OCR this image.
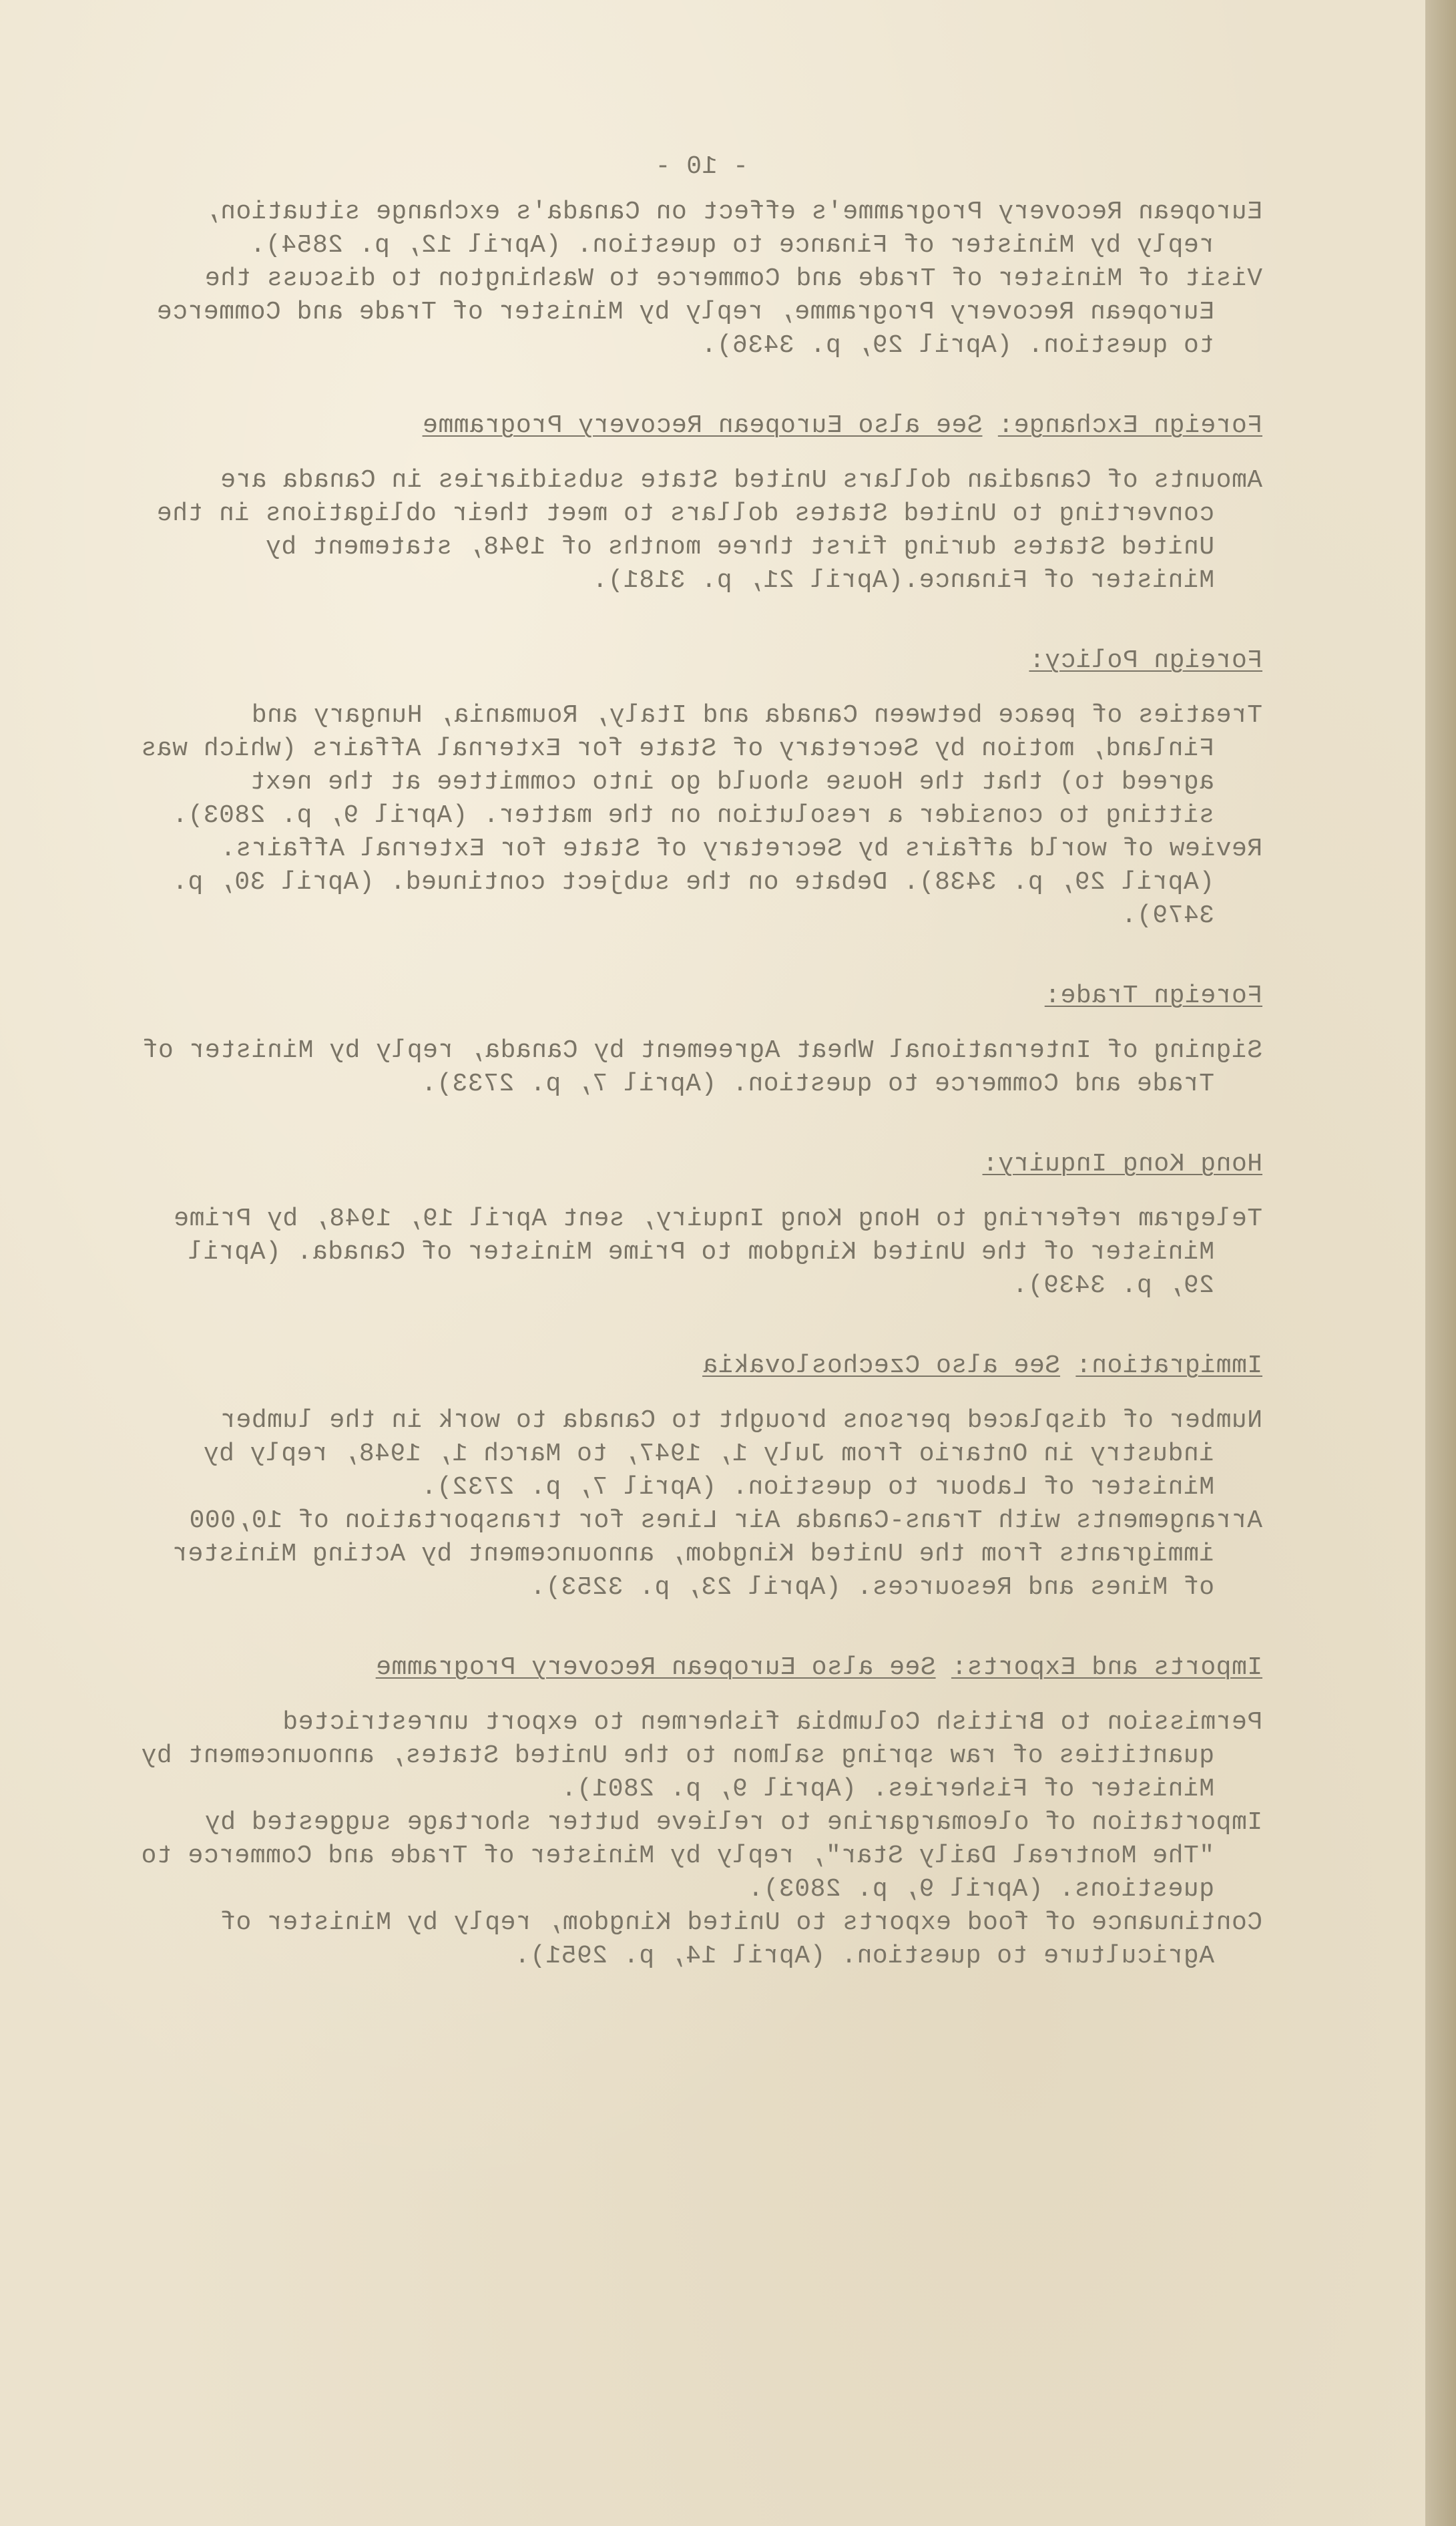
- 10 -

European Recovery Programme's effect on Canada's exchange situation, reply by Minister of Finance to question. (April 12, p. 2854).

Visit of Minister of Trade and Commerce to Washington to discuss the European Recovery Programme, reply by Minister of Trade and Commerce to question. (April 29, p. 3436).

Foreign Exchange: See also European Recovery Programme

Amounts of Canadian dollars United State subsidiaries in Canada are converting to United States dollars to meet their obligations in the United States during first three months of 1948, statement by Minister of Finance.(April 21, p. 3181).

Foreign Policy:

Treaties of peace between Canada and Italy, Roumania, Hungary and Finland, motion by Secretary of State for External Affairs (which was agreed to) that the House should go into committee at the next sitting to consider a resolution on the matter. (April 9, p. 2803).

Review of world affairs by Secretary of State for External Affairs. (April 29, p. 3438). Debate on the subject continued. (April 30, p. 3479).

Foreign Trade:

Signing of International Wheat Agreement by Canada, reply by Minister of Trade and Commerce to question. (April 7, p. 2733).

Hong Kong Inquiry:

Telegram referring to Hong Kong Inquiry, sent April 19, 1948, by Prime Minister of the United Kingdom to Prime Minister of Canada. (April 29, p. 3439).

Immigration: See also Czechoslovakia

Number of displaced persons brought to Canada to work in the lumber industry in Ontario from July 1, 1947, to March 1, 1948, reply by Minister of Labour to question. (April 7, p. 2732).

Arrangements with Trans-Canada Air Lines for transportation of 10,000 immigrants from the United Kingdom, announcement by Acting Minister of Mines and Resources. (April 23, p. 3253).

Imports and Exports: See also European Recovery Programme

Permission to British Columbia fishermen to export unrestricted quantities of raw spring salmon to the United States, announcement by Minister of Fisheries. (April 9, p. 2801).

Importation of oleomargarine to relieve butter shortage suggested by "The Montreal Daily Star", reply by Minister of Trade and Commerce to questions. (April 9, p. 2803).

Continuance of food exports to United Kingdom, reply by Minister of Agriculture to question. (April 14, p. 2951).
